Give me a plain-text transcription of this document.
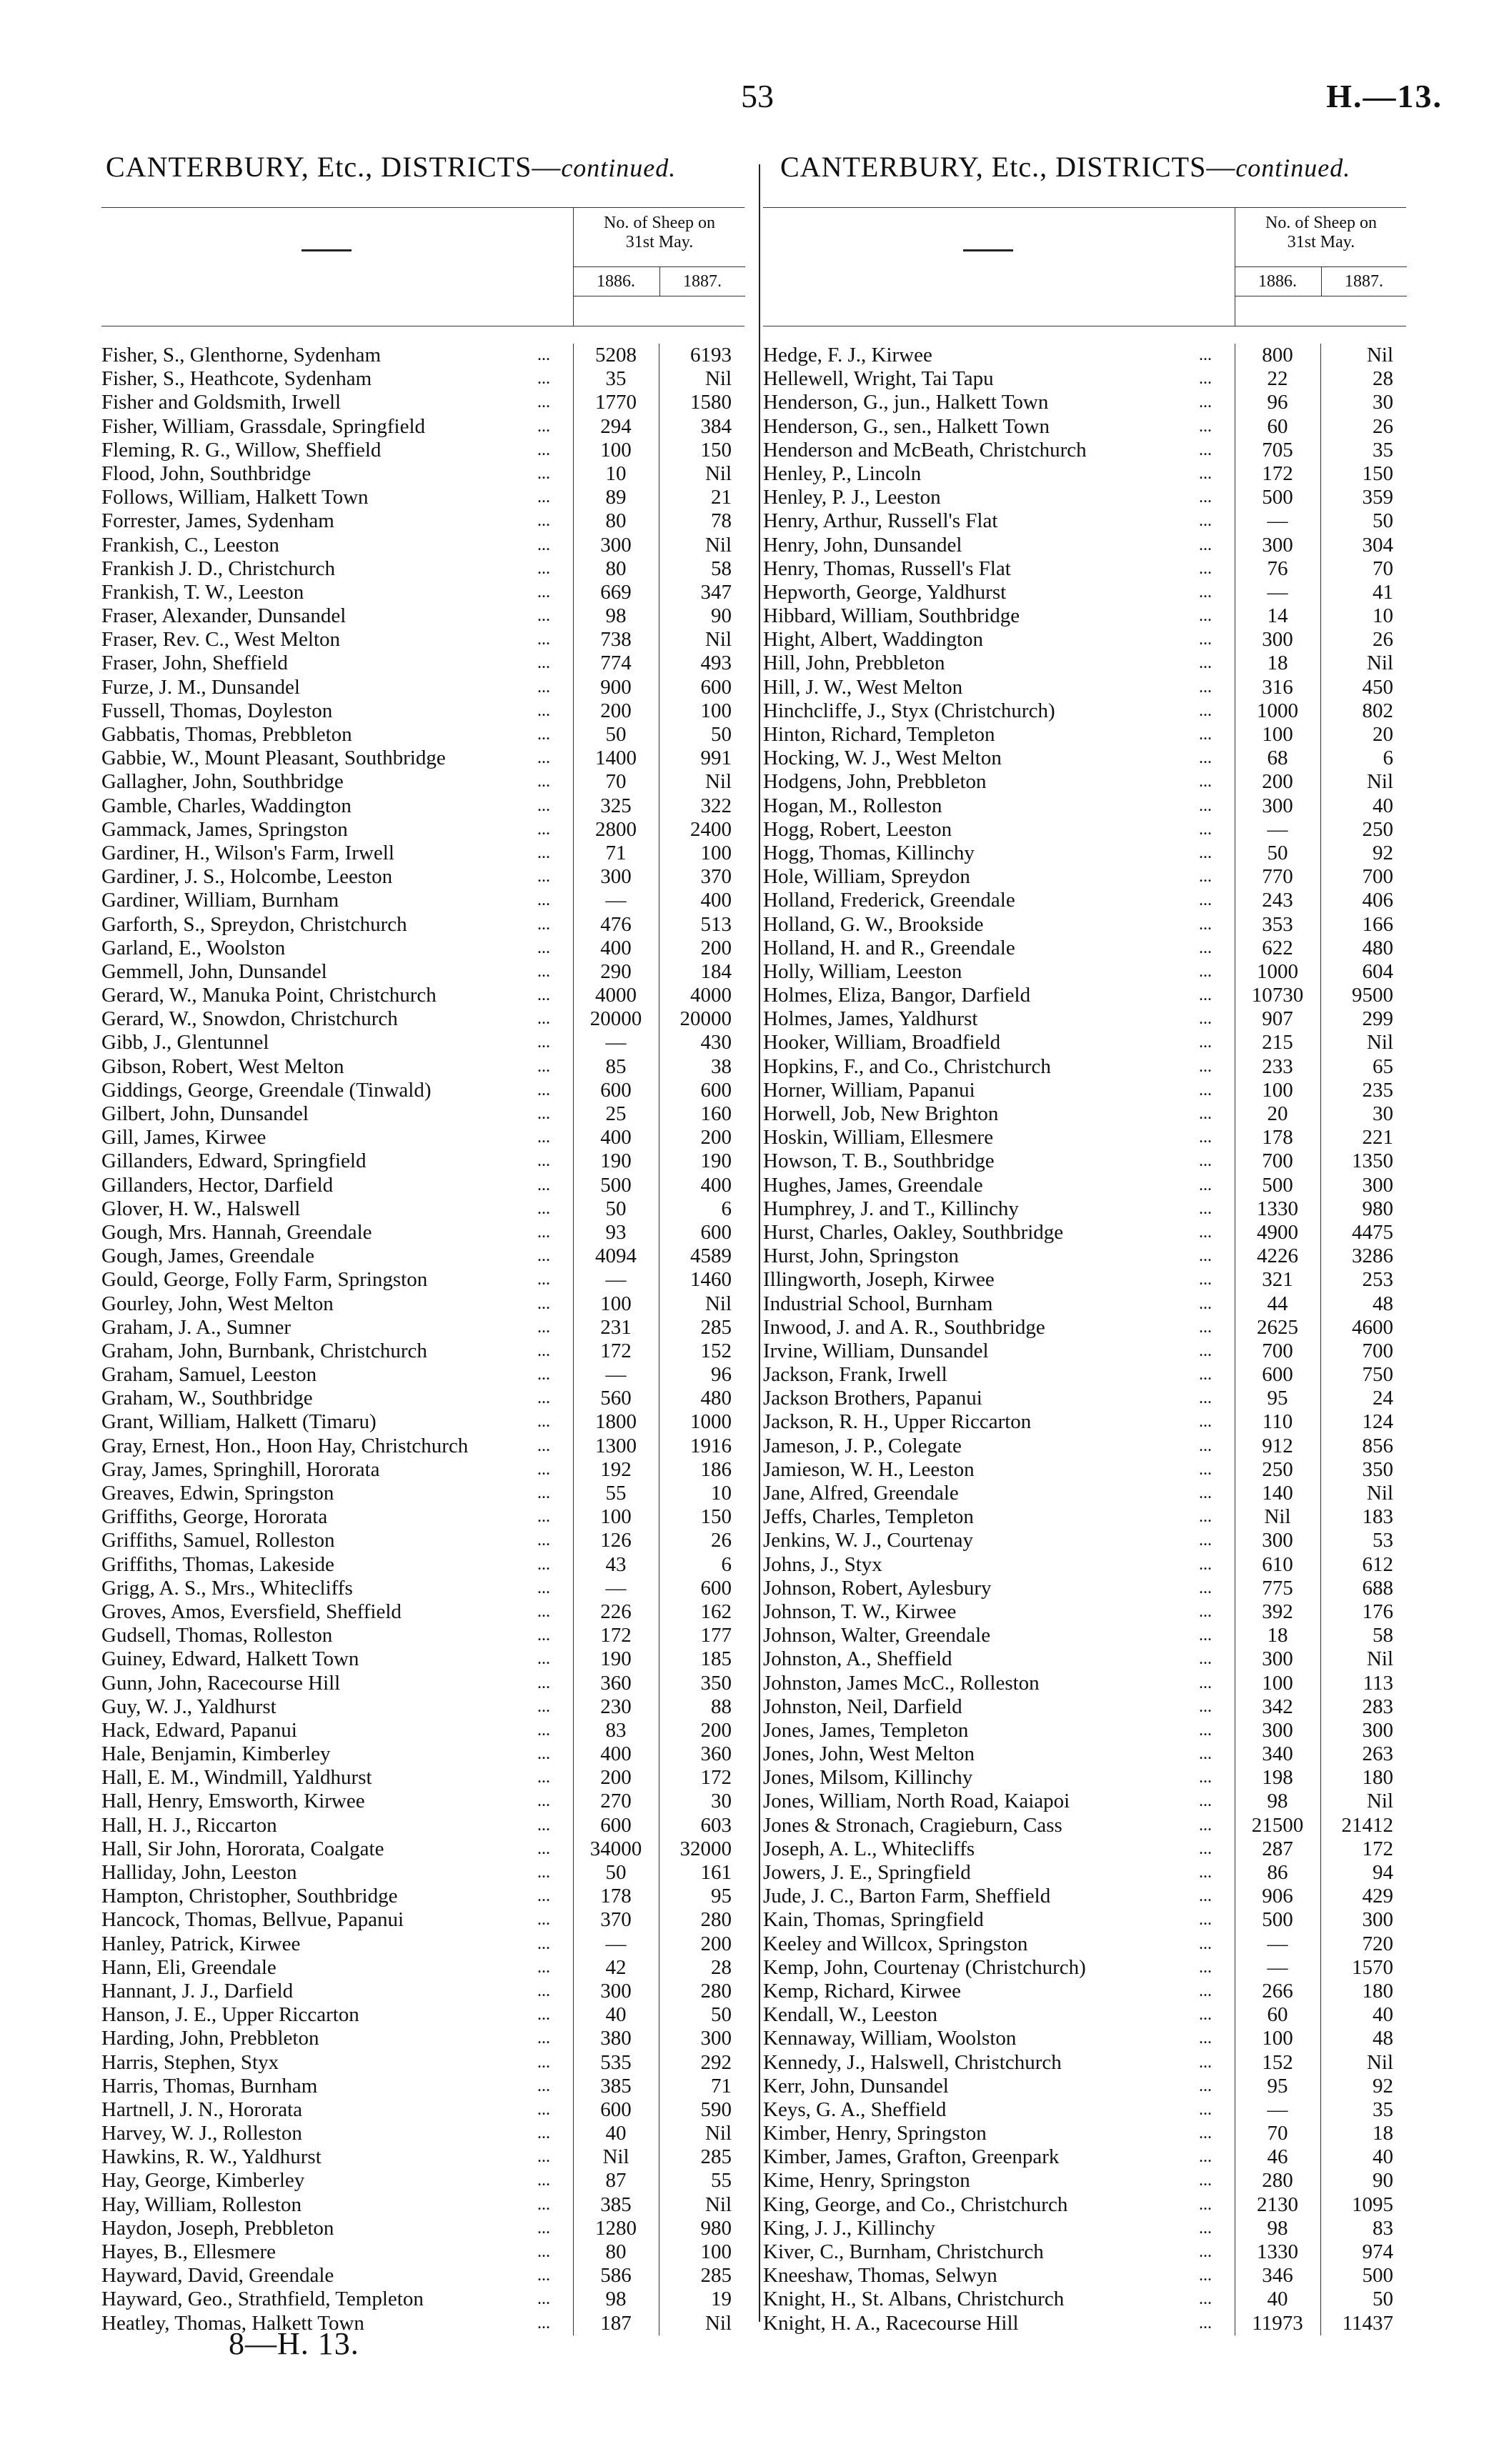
53	H.—13.
CANTERBURY, Etc., DISTRICTS—continued.	CANTERBURY, Etc., DISTRICTS—continued.
No. of Sheep on
31st May.
1886.	1887.
Fisher, S., Glenthorne, Sydenham	...	5208	6193
Fisher, S., Heathcote, Sydenham	...	35	Nil
Fisher and Goldsmith, Irwell	...	1770	1580
Fisher, William, Grassdale, Springfield	...	294	384
Fleming, R. G., Willow, Sheffield	...	100	150
Flood, John, Southbridge	...	10	Nil
Follows, William, Halkett Town	...	89	21
Forrester, James, Sydenham	...	80	78
Frankish, C., Leeston	...	300	Nil
Frankish J. D., Christchurch	...	80	58
Frankish, T. W., Leeston	...	669	347
Fraser, Alexander, Dunsandel	...	98	90
Fraser, Rev. C., West Melton	...	738	Nil
Fraser, John, Sheffield	...	774	493
Furze, J. M., Dunsandel	...	900	600
Fussell, Thomas, Doyleston	...	200	100
Gabbatis, Thomas, Prebbleton	...	50	50
Gabbie, W., Mount Pleasant, Southbridge	...	1400	991
Gallagher, John, Southbridge	...	70	Nil
Gamble, Charles, Waddington	...	325	322
Gammack, James, Springston	...	2800	2400
Gardiner, H., Wilson's Farm, Irwell	...	71	100
Gardiner, J. S., Holcombe, Leeston	...	300	370
Gardiner, William, Burnham	...	—	400
Garforth, S., Spreydon, Christchurch	...	476	513
Garland, E., Woolston	...	400	200
Gemmell, John, Dunsandel	...	290	184
Gerard, W., Manuka Point, Christchurch	...	4000	4000
Gerard, W., Snowdon, Christchurch	...	20000	20000
Gibb, J., Glentunnel	...	—	430
Gibson, Robert, West Melton	...	85	38
Giddings, George, Greendale (Tinwald)	...	600	600
Gilbert, John, Dunsandel	...	25	160
Gill, James, Kirwee	...	400	200
Gillanders, Edward, Springfield	...	190	190
Gillanders, Hector, Darfield	...	500	400
Glover, H. W., Halswell	...	50	6
Gough, Mrs. Hannah, Greendale	...	93	600
Gough, James, Greendale	...	4094	4589
Gould, George, Folly Farm, Springston	...	—	1460
Gourley, John, West Melton	...	100	Nil
Graham, J. A., Sumner	...	231	285
Graham, John, Burnbank, Christchurch	...	172	152
Graham, Samuel, Leeston	...	—	96
Graham, W., Southbridge	...	560	480
Grant, William, Halkett (Timaru)	...	1800	1000
Gray, Ernest, Hon., Hoon Hay, Christchurch	...	1300	1916
Gray, James, Springhill, Hororata	...	192	186
Greaves, Edwin, Springston	...	55	10
Griffiths, George, Hororata	...	100	150
Griffiths, Samuel, Rolleston	...	126	26
Griffiths, Thomas, Lakeside	...	43	6
Grigg, A. S., Mrs., Whitecliffs	...	—	600
Groves, Amos, Eversfield, Sheffield	...	226	162
Gudsell, Thomas, Rolleston	...	172	177
Guiney, Edward, Halkett Town	...	190	185
Gunn, John, Racecourse Hill	...	360	350
Guy, W. J., Yaldhurst	...	230	88
Hack, Edward, Papanui	...	83	200
Hale, Benjamin, Kimberley	...	400	360
Hall, E. M., Windmill, Yaldhurst	...	200	172
Hall, Henry, Emsworth, Kirwee	...	270	30
Hall, H. J., Riccarton	...	600	603
Hall, Sir John, Hororata, Coalgate	...	34000	32000
Halliday, John, Leeston	...	50	161
Hampton, Christopher, Southbridge	...	178	95
Hancock, Thomas, Bellvue, Papanui	...	370	280
Hanley, Patrick, Kirwee	...	—	200
Hann, Eli, Greendale	...	42	28
Hannant, J. J., Darfield	...	300	280
Hanson, J. E., Upper Riccarton	...	40	50
Harding, John, Prebbleton	...	380	300
Harris, Stephen, Styx	...	535	292
Harris, Thomas, Burnham	...	385	71
Hartnell, J. N., Hororata	...	600	590
Harvey, W. J., Rolleston	...	40	Nil
Hawkins, R. W., Yaldhurst	...	Nil	285
Hay, George, Kimberley	...	87	55
Hay, William, Rolleston	...	385	Nil
Haydon, Joseph, Prebbleton	...	1280	980
Hayes, B., Ellesmere	...	80	100
Hayward, David, Greendale	...	586	285
Hayward, Geo., Strathfield, Templeton	...	98	19
Heatley, Thomas, Halkett Town	...	187	Nil
No. of Sheep on
31st May.
1886.	1887.
Hedge, F. J., Kirwee	...	800	Nil
Hellewell, Wright, Tai Tapu	...	22	28
Henderson, G., jun., Halkett Town	...	96	30
Henderson, G., sen., Halkett Town	...	60	26
Henderson and McBeath, Christchurch	...	705	35
Henley, P., Lincoln	...	172	150
Henley, P. J., Leeston	...	500	359
Henry, Arthur, Russell's Flat	...	—	50
Henry, John, Dunsandel	...	300	304
Henry, Thomas, Russell's Flat	...	76	70
Hepworth, George, Yaldhurst	...	—	41
Hibbard, William, Southbridge	...	14	10
Hight, Albert, Waddington	...	300	26
Hill, John, Prebbleton	...	18	Nil
Hill, J. W., West Melton	...	316	450
Hinchcliffe, J., Styx (Christchurch)	...	1000	802
Hinton, Richard, Templeton	...	100	20
Hocking, W. J., West Melton	...	68	6
Hodgens, John, Prebbleton	...	200	Nil
Hogan, M., Rolleston	...	300	40
Hogg, Robert, Leeston	...	—	250
Hogg, Thomas, Killinchy	...	50	92
Hole, William, Spreydon	...	770	700
Holland, Frederick, Greendale	...	243	406
Holland, G. W., Brookside	...	353	166
Holland, H. and R., Greendale	...	622	480
Holly, William, Leeston	...	1000	604
Holmes, Eliza, Bangor, Darfield	...	10730	9500
Holmes, James, Yaldhurst	...	907	299
Hooker, William, Broadfield	...	215	Nil
Hopkins, F., and Co., Christchurch	...	233	65
Horner, William, Papanui	...	100	235
Horwell, Job, New Brighton	...	20	30
Hoskin, William, Ellesmere	...	178	221
Howson, T. B., Southbridge	...	700	1350
Hughes, James, Greendale	...	500	300
Humphrey, J. and T., Killinchy	...	1330	980
Hurst, Charles, Oakley, Southbridge	...	4900	4475
Hurst, John, Springston	...	4226	3286
Illingworth, Joseph, Kirwee	...	321	253
Industrial School, Burnham	...	44	48
Inwood, J. and A. R., Southbridge	...	2625	4600
Irvine, William, Dunsandel	...	700	700
Jackson, Frank, Irwell	...	600	750
Jackson Brothers, Papanui	...	95	24
Jackson, R. H., Upper Riccarton	...	110	124
Jameson, J. P., Colegate	...	912	856
Jamieson, W. H., Leeston	...	250	350
Jane, Alfred, Greendale	...	140	Nil
Jeffs, Charles, Templeton	...	Nil	183
Jenkins, W. J., Courtenay	...	300	53
Johns, J., Styx	...	610	612
Johnson, Robert, Aylesbury	...	775	688
Johnson, T. W., Kirwee	...	392	176
Johnson, Walter, Greendale	...	18	58
Johnston, A., Sheffield	...	300	Nil
Johnston, James McC., Rolleston	...	100	113
Johnston, Neil, Darfield	...	342	283
Jones, James, Templeton	...	300	300
Jones, John, West Melton	...	340	263
Jones, Milsom, Killinchy	...	198	180
Jones, William, North Road, Kaiapoi	...	98	Nil
Jones & Stronach, Cragieburn, Cass	...	21500	21412
Joseph, A. L., Whitecliffs	...	287	172
Jowers, J. E., Springfield	...	86	94
Jude, J. C., Barton Farm, Sheffield	...	906	429
Kain, Thomas, Springfield	...	500	300
Keeley and Willcox, Springston	...	—	720
Kemp, John, Courtenay (Christchurch)	...	—	1570
Kemp, Richard, Kirwee	...	266	180
Kendall, W., Leeston	...	60	40
Kennaway, William, Woolston	...	100	48
Kennedy, J., Halswell, Christchurch	...	152	Nil
Kerr, John, Dunsandel	...	95	92
Keys, G. A., Sheffield	...	—	35
Kimber, Henry, Springston	...	70	18
Kimber, James, Grafton, Greenpark	...	46	40
Kime, Henry, Springston	...	280	90
King, George, and Co., Christchurch	...	2130	1095
King, J. J., Killinchy	...	98	83
Kiver, C., Burnham, Christchurch	...	1330	974
Kneeshaw, Thomas, Selwyn	...	346	500
Knight, H., St. Albans, Christchurch	...	40	50
Knight, H. A., Racecourse Hill	...	11973	11437
8—H. 13.
